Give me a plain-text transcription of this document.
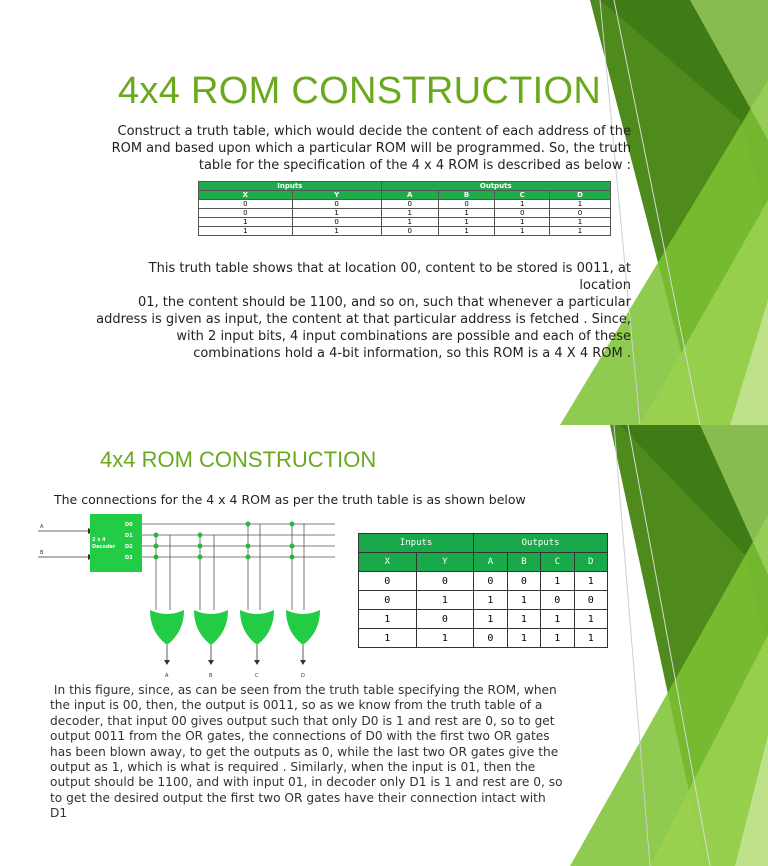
4x4 ROM CONSTRUCTION
Construct a truth table, which would decide the content of each address of the
ROM and based upon which a particular ROM will be programmed. So, the truth
table for the specification of the 4 x 4 ROM is described as below :
Inputs		Outputs			
X	Y	A	B	C	D
0	0	0	0	1	1
0	1	1	1	0	0
1	0	1	1	1	1
1	1	0	1	1	1
This truth table shows that at location 00, content to be stored is 0011, at location
01, the content should be 1100, and so on, such that whenever a particular
address is given as input, the content at that particular address is fetched . Since,
with 2 input bits, 4 input combinations are possible and each of these
combinations hold a 4-bit information, so this ROM is a 4 X 4 ROM .
4x4 ROM CONSTRUCTION
The connections for the 4 x 4 ROM as per the truth table is as shown below
A
B
2 x 4
Decoder
D0
D1
D2
D3
A	B	C	D
Inputs		Outputs			
X	Y	A	B	C	D
0	0	0	0	1	1
0	1	1	1	0	0
1	0	1	1	1	1
1	1	0	1	1	1
In this figure, since, as can be seen from the truth table specifying the ROM, when
the input is 00, then, the output is 0011, so as we know from the truth table of a
decoder, that input 00 gives output such that only D0 is 1 and rest are 0, so to get
output 0011 from the OR gates, the connections of D0 with the first two OR gates
has been blown away, to get the outputs as 0, while the last two OR gates give the
output as 1, which is what is required . Similarly, when the input is 01, then the
output should be 1100, and with input 01, in decoder only D1 is 1 and rest are 0, so
to get the desired output the first two OR gates have their connection intact with
D1
